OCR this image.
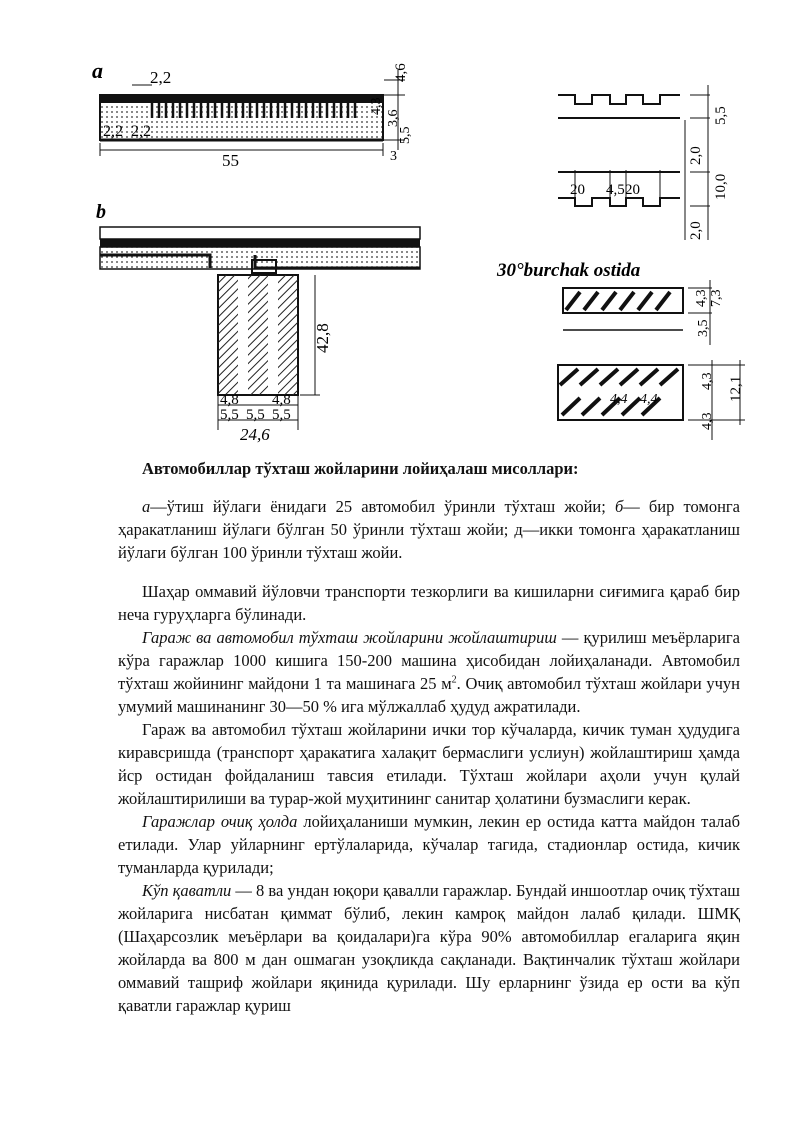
а	2,2	4,6
2,2 2,2
4,3
3,6
5,5
55	3
b
42,8
4,8 4,8
5,5 5,5 5,5
24,6
5,5
2,0
20 4,5 20	10,0
2,0
30°burchak ostida
4,3 7,3
3,5
4,3 12,1
4,3
4,4 4,4
Автомобиллар тўхташ жойларини лойиҳалаш мисоллари:

а—ўтиш йўлаги ёнидаги 25 автомобил ўринли тўхташ жойи; б— бир томонга ҳаракатланиш йўлаги бўлган 50 ўринли тўхташ жойи; д—икки томонга ҳаракатланиш йўлаги бўлган 100 ўринли тўхташ жойи.

Шаҳар оммавий йўловчи транспорти тезкорлиги ва кишиларни сиғимига қараб бир неча гуруҳларга бўлинади.

Гараж ва автомобил тўхташ жойларини жойлаштириш — қурилиш меъёрларига кўра гаражлар 1000 кишига 150-200 машина ҳисобидан лойиҳаланади. Автомобил тўхташ жойининг майдони 1 та машинага 25 $м^2$. Очиқ автомобил тўхташ жойлари учун умумий машинанинг 30—50 % ига мўлжаллаб ҳудуд ажратилади.

Гараж ва автомобил тўхташ жойларини ички тор кўчаларда, кичик туман ҳудудига киравсришда (транспорт ҳаракатига халақит бермаслиги услиун) жойлаштириш ҳамда йср остидан фойдаланиш тавсия етилади. Тўхташ жойлари аҳоли учун қулай жойлаштирилиши ва турар-жой муҳитининг санитар ҳолатини бузмаслиги керак.

Гаражлар очиқ ҳолда лойиҳаланиши мумкин, лекин ер остида катта майдон талаб етилади. Улар уйларнинг ертўлаларида, кўчалар тагида, стадионлар остида, кичик туманларда қурилади;

Кўп қаватли — 8 ва ундан юқори қавалли гаражлар. Бундай иншоотлар очиқ тўхташ жойларига нисбатан қиммат бўлиб, лекин камроқ майдон лалаб қилади. ШМҚ (Шаҳарсозлик меъёрлари ва қоидалари)га кўра 90% автомобиллар егаларига яқин жойларда ва 800 м дан ошмаган узоқликда сақланади. Вақтинчалик тўхташ жойлари оммавий ташриф жойлари яқинида қурилади. Шу ерларнинг ўзида ер ости ва кўп қаватли гаражлар қуриш
